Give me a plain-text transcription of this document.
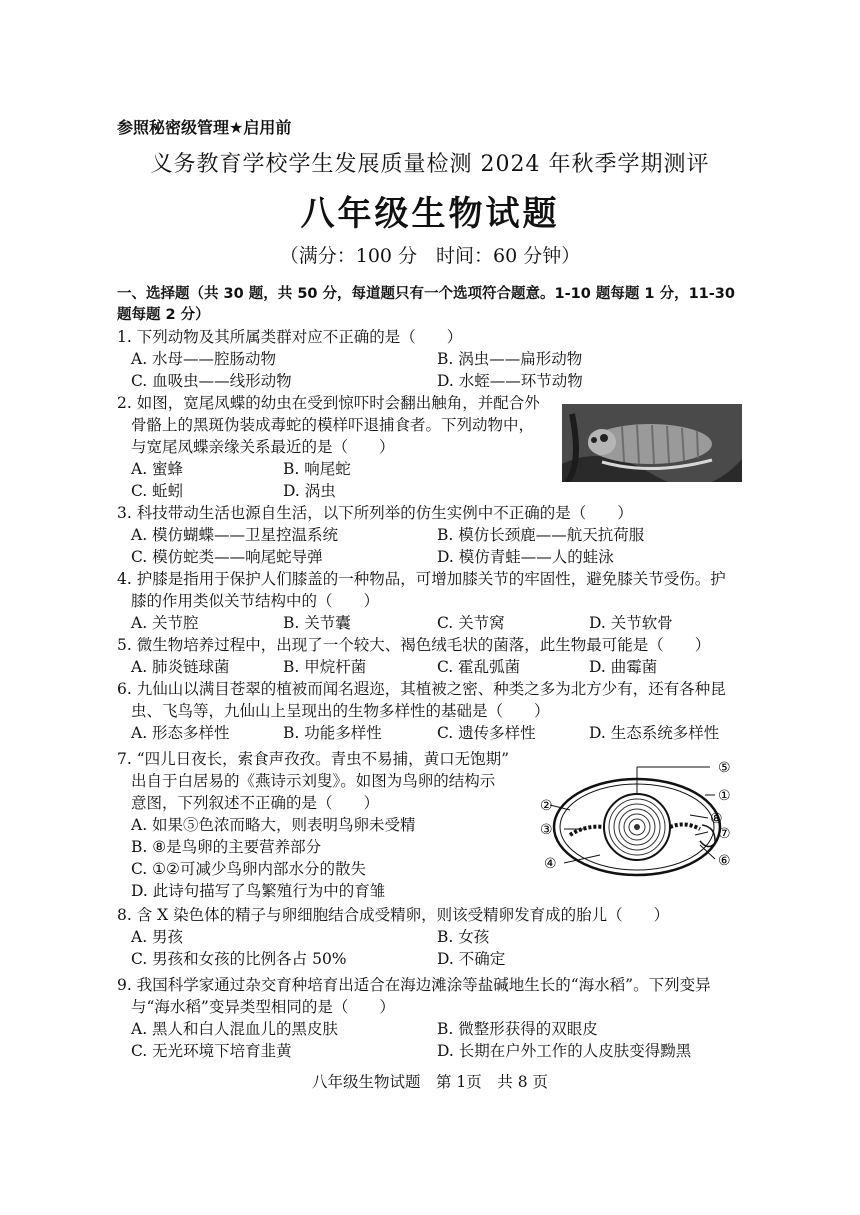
参照秘密级管理★启用前
义务教育学校学生发展质量检测 2024 年秋季学期测评
八年级生物试题
（满分：100 分　时间：60 分钟）
一、选择题（共 30 题，共 50 分，每道题只有一个选项符合题意。1-10 题每题 1 分，11-30
题每题 2 分）
1. 下列动物及其所属类群对应不正确的是（　　）
A. 水母——腔肠动物	B. 涡虫——扁形动物
C. 血吸虫——线形动物	D. 水蛭——环节动物
2. 如图，宽尾凤蝶的幼虫在受到惊吓时会翻出触角，并配合外
骨骼上的黑斑伪装成毒蛇的模样吓退捕食者。下列动物中，
与宽尾凤蝶亲缘关系最近的是（　　）
A. 蜜蜂	B. 响尾蛇
C. 蚯蚓	D. 涡虫
3. 科技带动生活也源自生活，以下所列举的仿生实例中不正确的是（　　）
A. 模仿蝴蝶——卫星控温系统	B. 模仿长颈鹿——航天抗荷服
C. 模仿蛇类——响尾蛇导弹	D. 模仿青蛙——人的蛙泳
4. 护膝是指用于保护人们膝盖的一种物品，可增加膝关节的牢固性，避免膝关节受伤。护
膝的作用类似关节结构中的（　　）
A. 关节腔	B. 关节囊	C. 关节窝	D. 关节软骨
5. 微生物培养过程中，出现了一个较大、褐色绒毛状的菌落，此生物最可能是（　　）
A. 肺炎链球菌	B. 甲烷杆菌	C. 霍乱弧菌	D. 曲霉菌
6. 九仙山以满目苍翠的植被而闻名遐迩，其植被之密、种类之多为北方少有，还有各种昆
虫、飞鸟等，九仙山上呈现出的生物多样性的基础是（　　）
A. 形态多样性	B. 功能多样性	C. 遗传多样性	D. 生态系统多样性
7. “四儿日夜长，索食声孜孜。青虫不易捕，黄口无饱期”
出自于白居易的《燕诗示刘叟》。如图为鸟卵的结构示
意图，下列叙述不正确的是（　　）
A. 如果⑤色浓而略大，则表明鸟卵未受精
B. ⑧是鸟卵的主要营养部分
C. ①②可减少鸟卵内部水分的散失
D. 此诗句描写了鸟繁殖行为中的育雏
⑤
①
②
⑧
③	⑦
⑥
④
8. 含 X 染色体的精子与卵细胞结合成受精卵，则该受精卵发育成的胎儿（　　）
A. 男孩	B. 女孩
C. 男孩和女孩的比例各占 50%	D. 不确定
9. 我国科学家通过杂交育种培育出适合在海边滩涂等盐碱地生长的“海水稻”。下列变异
与“海水稻”变异类型相同的是（　　）
A. 黑人和白人混血儿的黑皮肤	B. 微整形获得的双眼皮
C. 无光环境下培育韭黄	D. 长期在户外工作的人皮肤变得黝黑
八年级生物试题　第 1页　共 8 页
